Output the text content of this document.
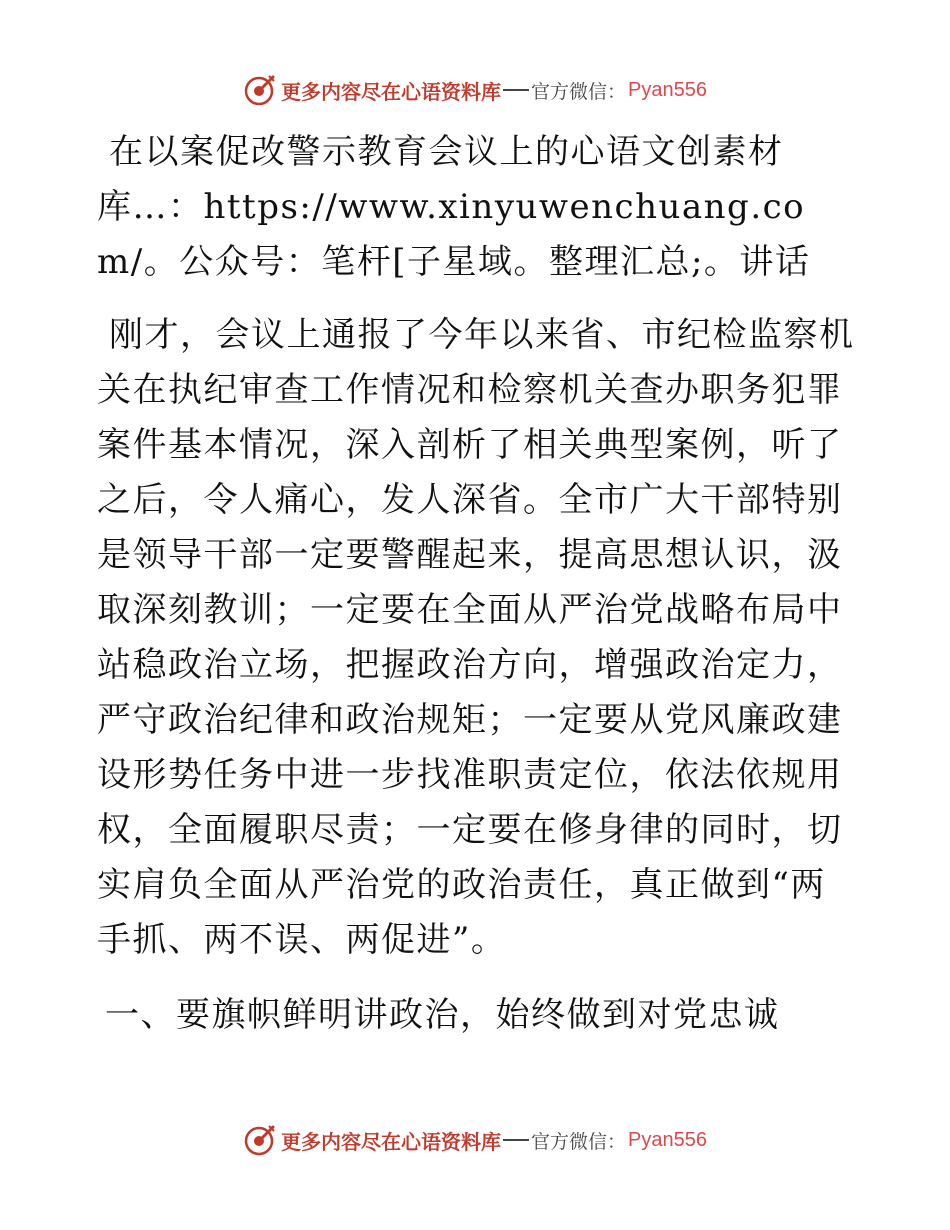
更多内容尽在心语资料库 官方微信： Pyan556

在以案促改警示教育会议上的心语文创素材库…：https://www.xinyuwenchuang.com/。公众号：笔杆[子星域。整理汇总;。讲话

刚才，会议上通报了今年以来省、市纪检监察机关在执纪审查工作情况和检察机关查办职务犯罪案件基本情况，深入剖析了相关典型案例，听了之后，令人痛心，发人深省。全市广大干部特别是领导干部一定要警醒起来，提高思想认识，汲取深刻教训；一定要在全面从严治党战略布局中站稳政治立场，把握政治方向，增强政治定力，严守政治纪律和政治规矩；一定要从党风廉政建设形势任务中进一步找准职责定位，依法依规用权，全面履职尽责；一定要在修身律的同时，切实肩负全面从严治党的政治责任，真正做到“两手抓、两不误、两促进”。

一、要旗帜鲜明讲政治，始终做到对党忠诚

更多内容尽在心语资料库 官方微信： Pyan556
